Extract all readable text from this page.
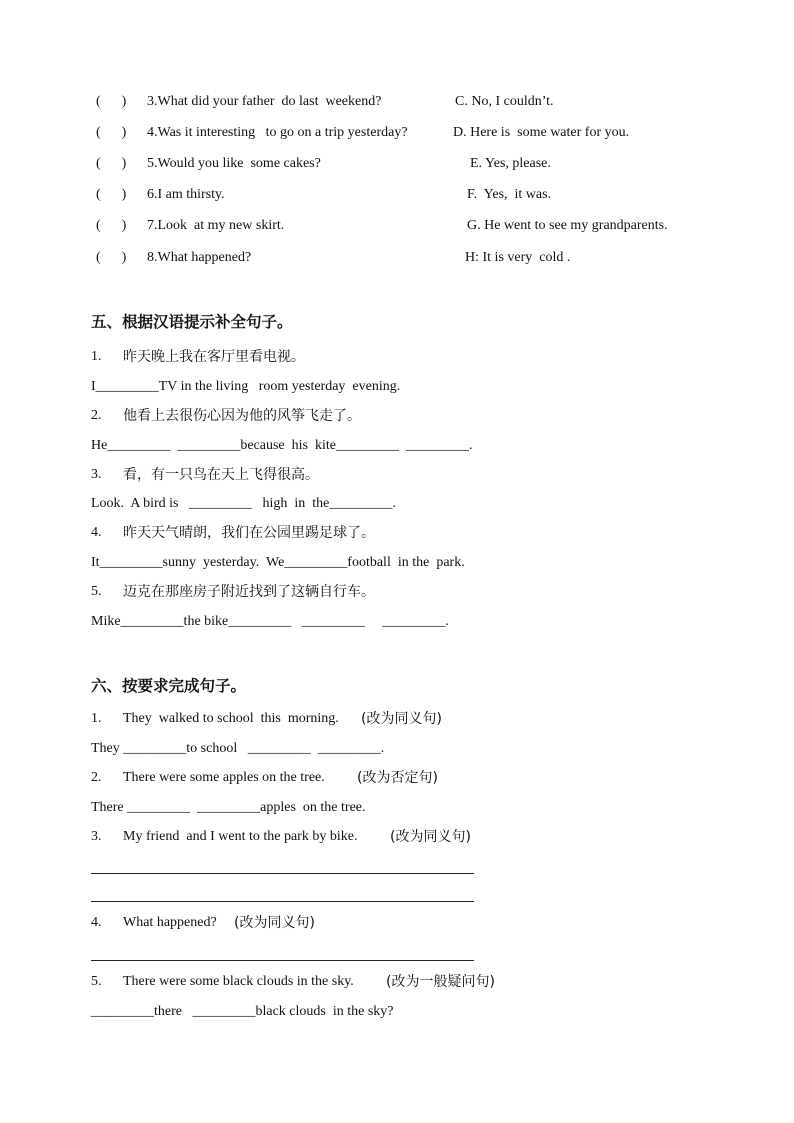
(      ) 3.What did your father  do last  weekend?	C. No, I couldn’t.
(      ) 4.Was it interesting   to go on a trip yesterday?	D. Here is  some water for you.
(      ) 5.Would you like  some cakes?	E. Yes, please.
(      ) 6.I am thirsty.	F.  Yes,  it was.
(      ) 7.Look  at my new skirt.	G. He went to see my grandparents.
(      ) 8.What happened?	H: It is very  cold .
五、根据汉语提示补全句子。
1. 昨天晚上我在客厅里看电视。
I_________TV in the living   room yesterday  evening.
2. 他看上去很伤心因为他的风筝飞走了。
He_________  _________because  his  kite_________  _________.
3. 看，有一只鸟在天上飞得很高。
Look.  A bird is   _________   high  in  the_________.
4. 昨天天气晴朗，我们在公园里踢足球了。
It_________sunny  yesterday.  We_________football  in the  park.
5. 迈克在那座房子附近找到了这辆自行车。
Mike_________the bike_________   _________     _________.
六、按要求完成句子。
1. They  walked to school  this  morning. (改为同义句)
They _________to school   _________  _________.
2. There were some apples on the tree. (改为否定句)
There _________  _________apples  on the tree.
3. My friend  and I went to the park by bike. (改为同义句)
4. What happened? (改为同义句)
5. There were some black clouds in the sky. (改为一般疑问句)
_________there   _________black clouds  in the sky?
